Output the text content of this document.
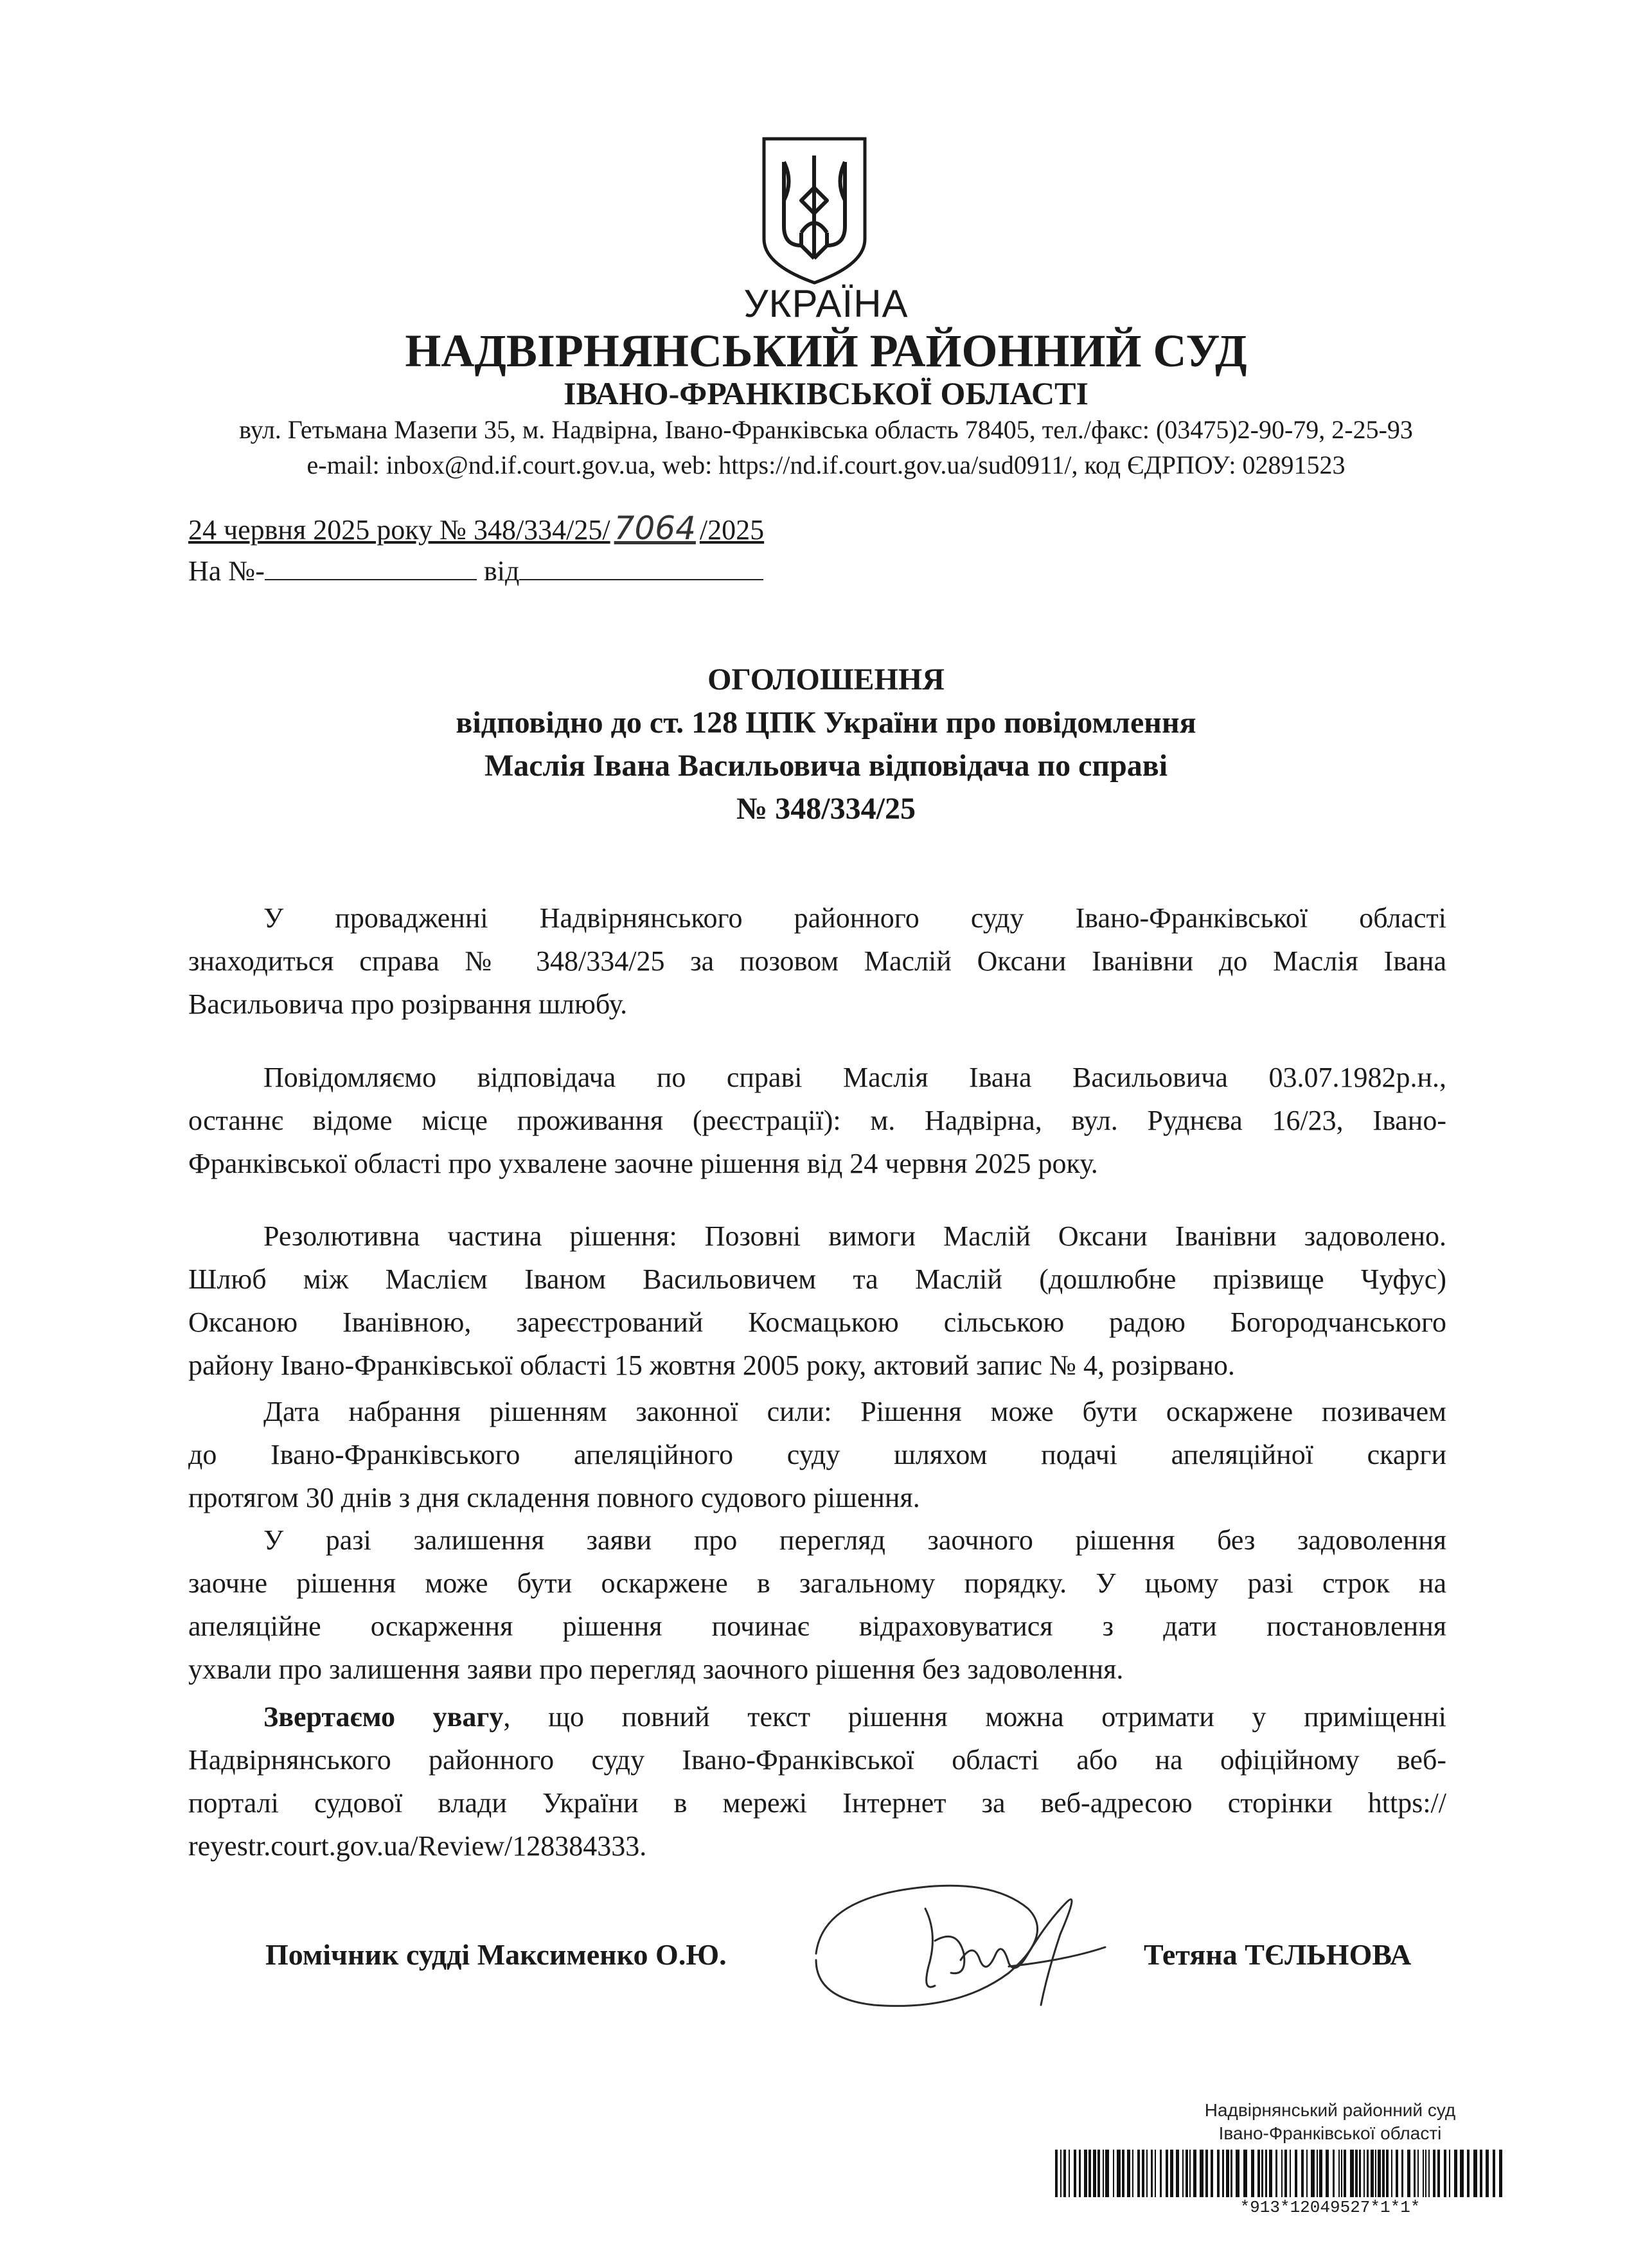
УКРАЇНА
НАДВІРНЯНСЬКИЙ РАЙОННИЙ СУД
ІВАНО-ФРАНКІВСЬКОЇ ОБЛАСТІ
вул. Гетьмана Мазепи 35, м. Надвірна, Івано-Франківська область 78405, тел./факс: (03475)2-90-79, 2-25-93
e-mail: inbox@nd.if.court.gov.ua, web: https://nd.if.court.gov.ua/sud0911/, код ЄДРПОУ: 02891523
24 червня 2025 року № 348/334/25/ 7064 /2025
На №-	від
ОГОЛОШЕННЯ
відповідно до ст. 128 ЦПК України про повідомлення
Маслія Івана Васильовича відповідача по справі
№ 348/334/25
У провадженні Надвірнянського районного суду Івано-Франківської області
знаходиться справа № 348/334/25 за позовом Маслій Оксани Іванівни до Маслія Івана
Васильовича про розірвання шлюбу.
Повідомляємо відповідача по справі Маслія Івана Васильовича 03.07.1982р.н.,
останнє відоме місце проживання (реєстрації): м. Надвірна, вул. Руднєва 16/23, Івано-
Франківської області про ухвалене заочне рішення від 24 червня 2025 року.
Резолютивна частина рішення: Позовні вимоги Маслій Оксани Іванівни задоволено.
Шлюб між Маслієм Іваном Васильовичем та Маслій (дошлюбне прізвище Чуфус)
Оксаною Іванівною, зареєстрований Космацькою сільською радою Богородчанського
району Івано-Франківської області 15 жовтня 2005 року, актовий запис № 4, розірвано.
Дата набрання рішенням законної сили: Рішення може бути оскаржене позивачем
до Івано-Франківського апеляційного суду шляхом подачі апеляційної скарги
протягом 30 днів з дня складення повного судового рішення.
У разі залишення заяви про перегляд заочного рішення без задоволення
заочне рішення може бути оскаржене в загальному порядку. У цьому разі строк на
апеляційне оскарження рішення починає відраховуватися з дати постановлення
ухвали про залишення заяви про перегляд заочного рішення без задоволення.
Звертаємо увагу, що повний текст рішення можна отримати у приміщенні
Надвірнянського районного суду Івано-Франківської області або на офіційному веб-
порталі судової влади України в мережі Інтернет за веб-адресою сторінки https://
reyestr.court.gov.ua/Review/128384333.
Помічник судді Максименко О.Ю.	Тетяна ТЄЛЬНОВА
Надвірнянський районний суд
Івано-Франківської області
*913*12049527*1*1*
